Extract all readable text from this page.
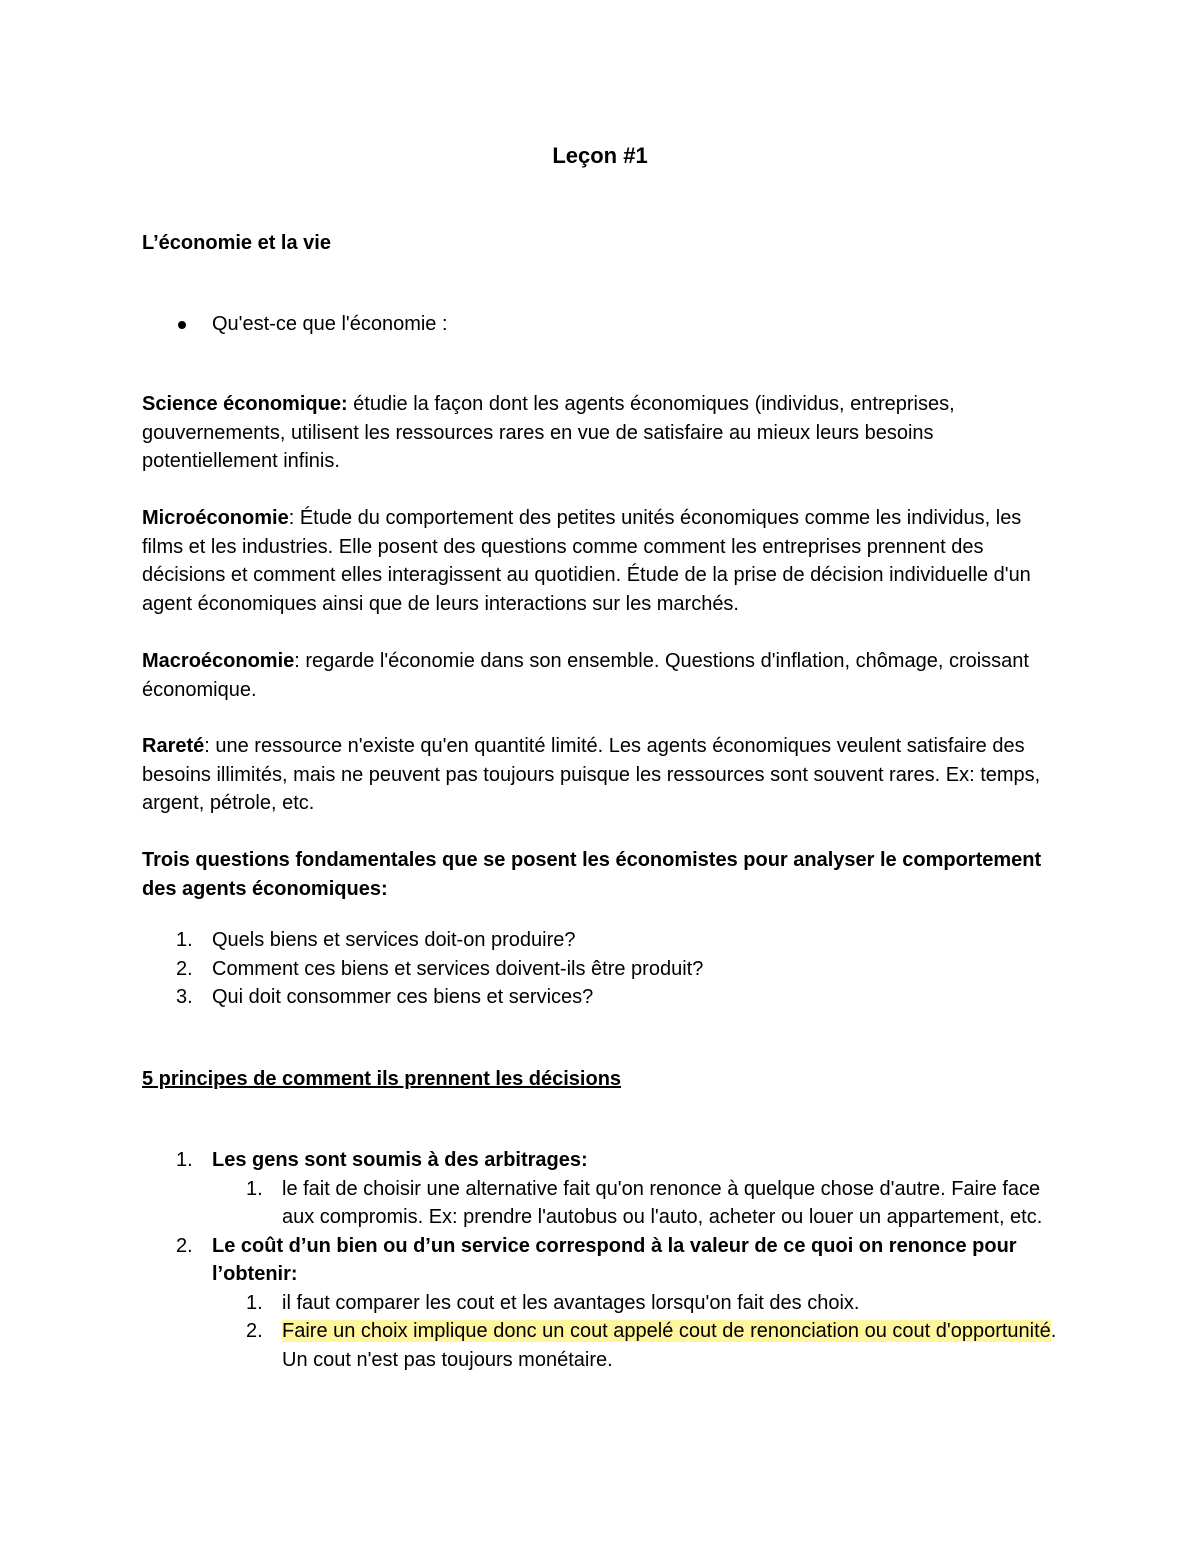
Leçon #1

L’économie et la vie

Qu'est-ce que l'économie :

Science économique: étudie la façon dont les agents économiques (individus, entreprises, gouvernements, utilisent les ressources rares en vue de satisfaire au mieux leurs besoins potentiellement infinis.

Microéconomie: Étude du comportement des petites unités économiques comme les individus, les films et les industries. Elle posent des questions comme comment les entreprises prennent des décisions et comment elles interagissent au quotidien. Étude de la prise de décision individuelle d'un agent économiques ainsi que de leurs interactions sur les marchés.

Macroéconomie: regarde l'économie dans son ensemble. Questions d'inflation, chômage, croissant économique.

Rareté: une ressource n'existe qu'en quantité limité. Les agents économiques veulent satisfaire des besoins illimités, mais ne peuvent pas toujours puisque les ressources sont souvent rares. Ex: temps, argent, pétrole, etc.

Trois questions fondamentales que se posent les économistes pour analyser le comportement des agents économiques:

1. Quels biens et services doit-on produire?
2. Comment ces biens et services doivent-ils être produit?
3. Qui doit consommer ces biens et services?

5 principes de comment ils prennent les décisions

1. Les gens sont soumis à des arbitrages:
1. le fait de choisir une alternative fait qu'on renonce à quelque chose d'autre. Faire face aux compromis. Ex: prendre l'autobus ou l'auto, acheter ou louer un appartement, etc.
2. Le coût d’un bien ou d’un service correspond à la valeur de ce quoi on renonce pour l’obtenir:
1. il faut comparer les cout et les avantages lorsqu'on fait des choix.
2. Faire un choix implique donc un cout appelé cout de renonciation ou cout d'opportunité. Un cout n'est pas toujours monétaire.
